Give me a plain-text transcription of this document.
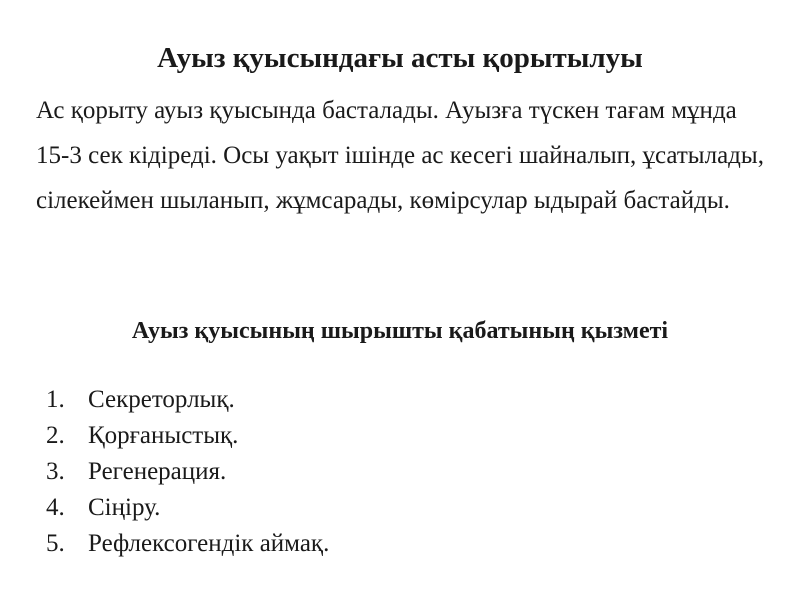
Ауыз қуысындағы асты қорытылуы

Ас қорыту ауыз қуысында басталады. Ауызға түскен тағам мұнда 15-3 сек кідіреді. Осы уақыт ішінде ас кесегі шайналып, ұсатылады, сілекеймен шыланып, жұмсарады, көмірсулар ыдырай бастайды.

Ауыз қуысының шырышты қабатының қызметі
1. Секреторлық.
2. Қорғаныстық.
3. Регенерация.
4. Сіңіру.
5. Рефлексогендік аймақ.
